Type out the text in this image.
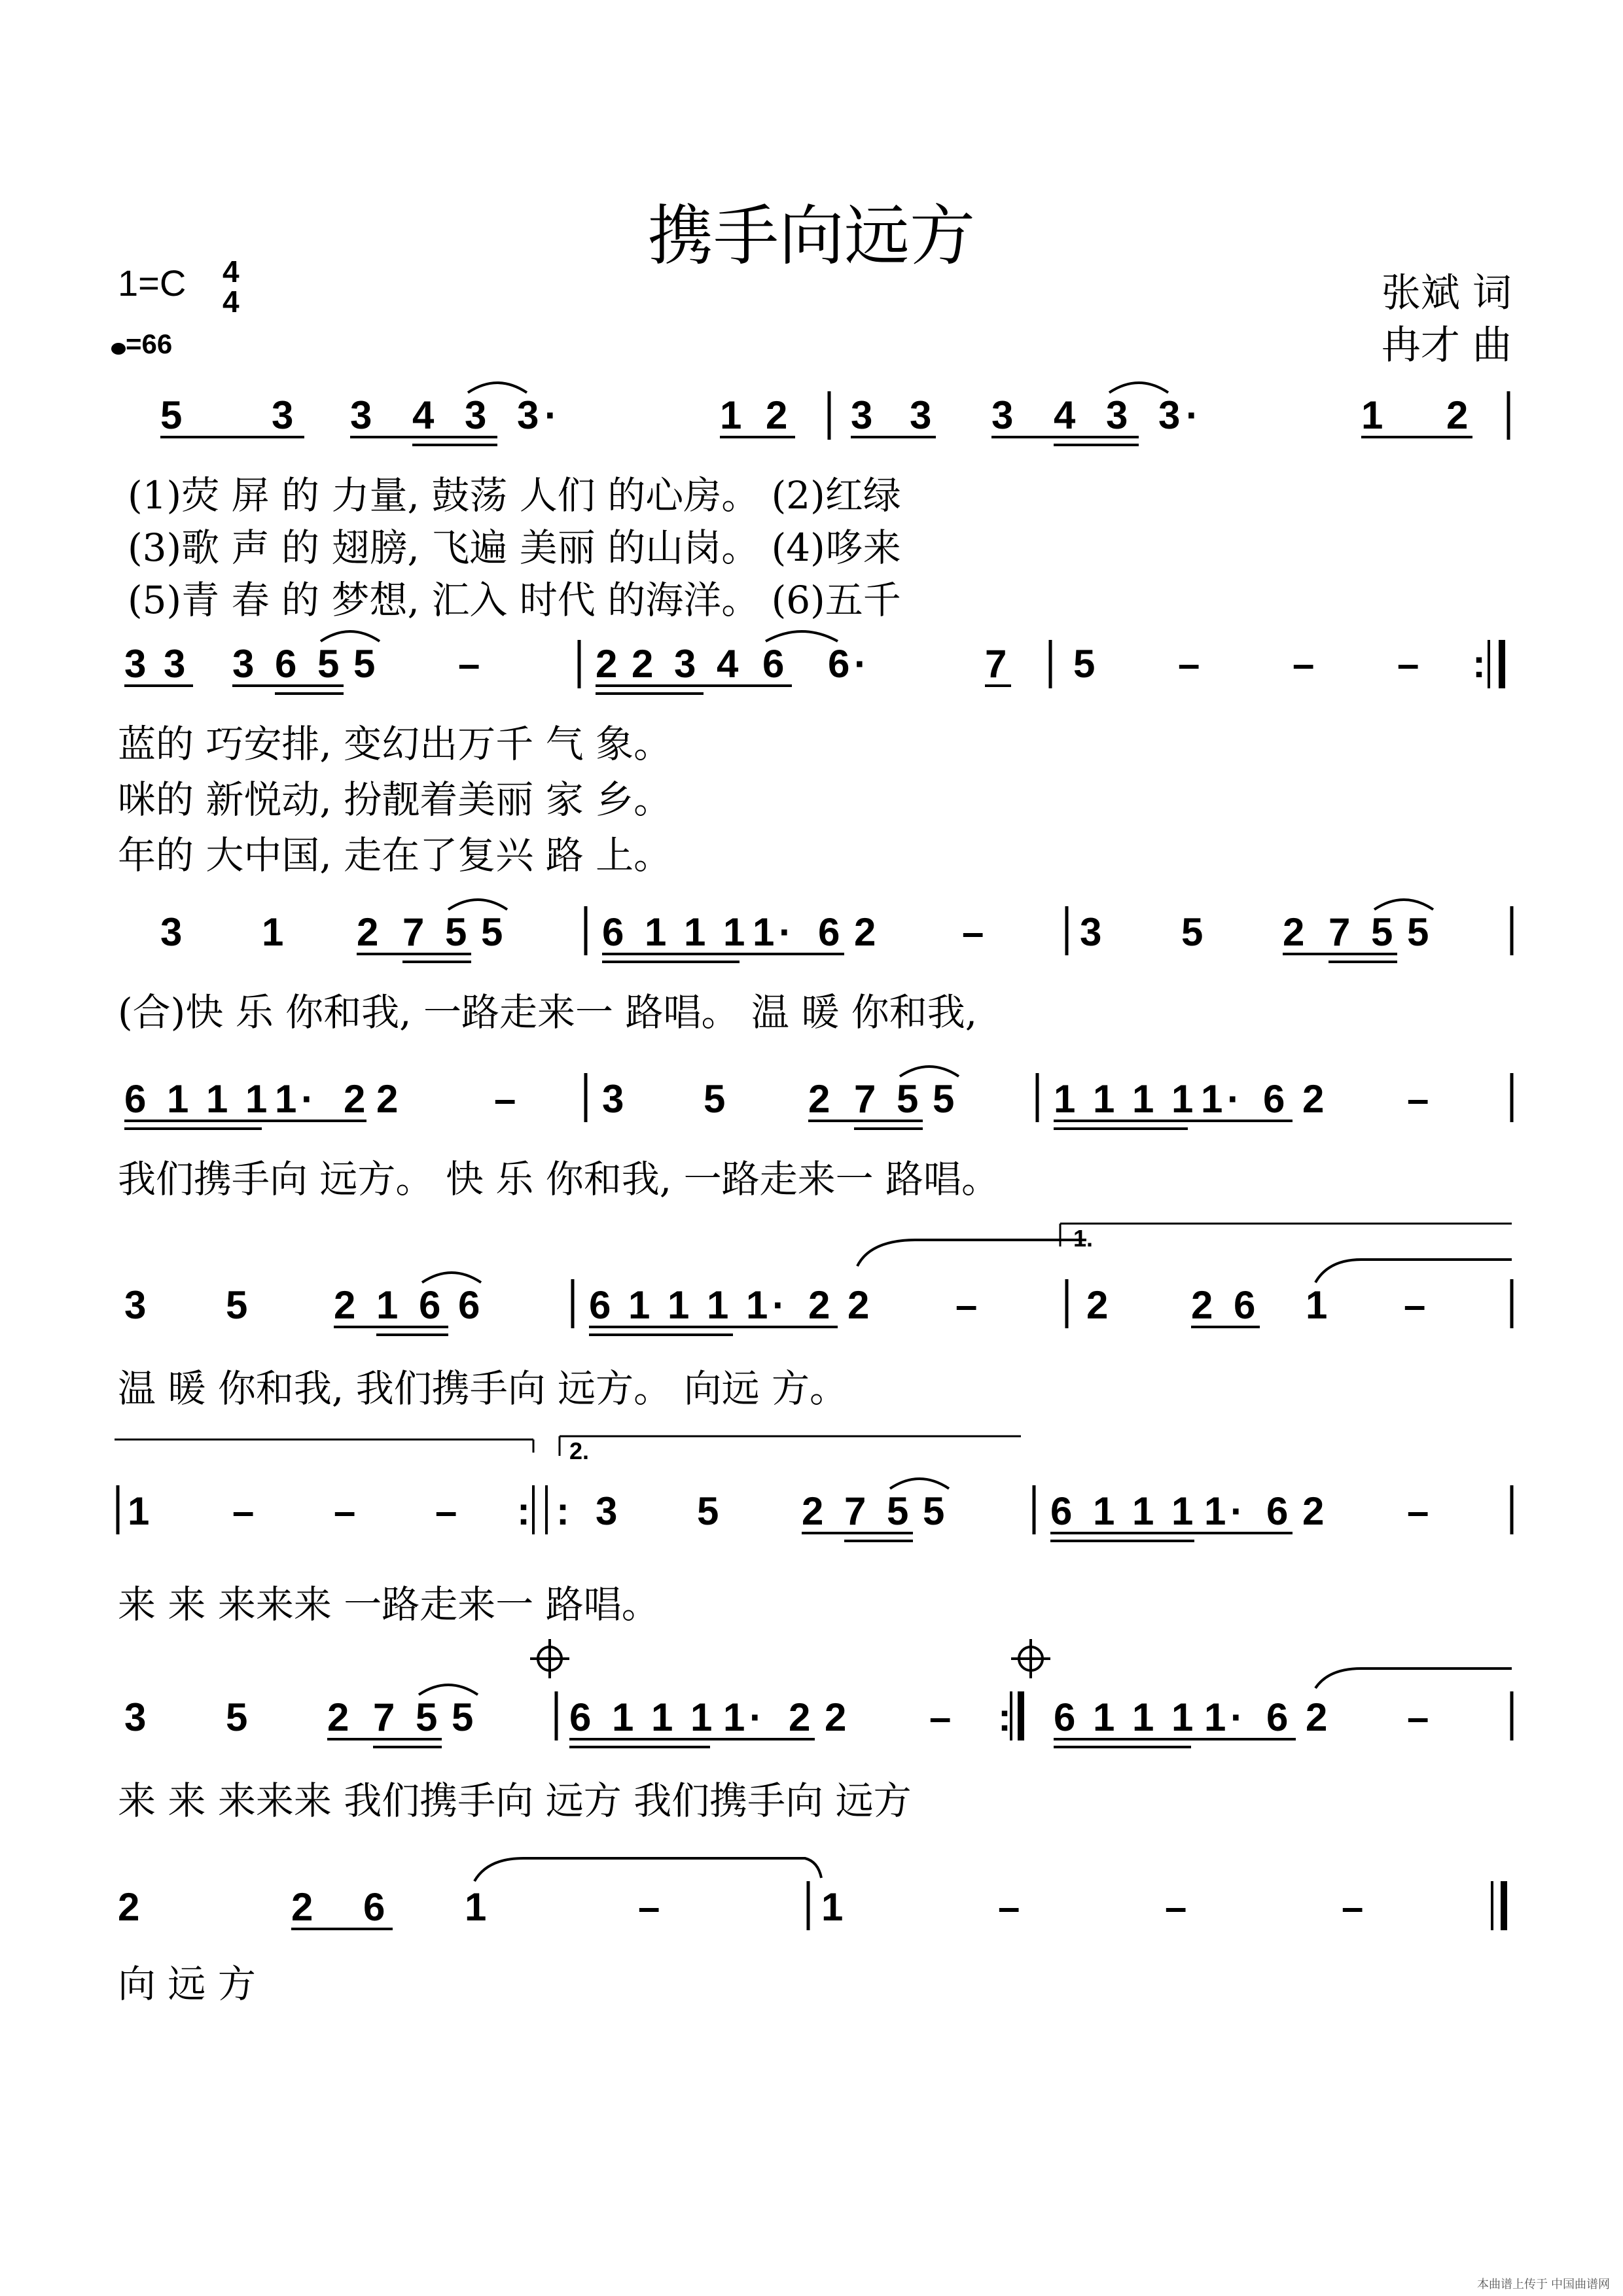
携手向远方
1=C 4
4
=66
张斌 词
冉才 曲
5 3 3 4 3 3 ·	1 2 3 3 3 4 3 3 ·	1 2
3 3 3 6 5 5 –	2 2 3 4 6 6 ·	7 5 – – – :
3 1 2 7 5 5	6 1 1 1 1 · 6 2 – 3 5 2 7 5 5
6 1 1 1 1 · 2 2 – 3 5 2 7 5 5	1 1 1 1 1 · 6 2 –
1.
3 5 2 1 6 6	6 1 1 1 1 · 2 2 –	2 2 6 1 –
2.
1 – – – : : 3 5 2 7 5 5	6 1 1 1 1 · 6 2 –
3 5 2 7 5 5 6 1 1 1 1 · 2 2 – : 6 1 1 1 1 · 6 2 –
2	2 6 1	–	1	–	–	–
(1)荧 屏 的 力量, 鼓荡 人们 的心房。 (2)红绿
(3)歌 声 的 翅膀, 飞遍 美丽 的山岗。 (4)哆来
(5)青 春 的 梦想, 汇入 时代 的海洋。 (6)五千
蓝的 巧安排, 变幻出万千 气 象。
咪的 新悦动, 扮靓着美丽 家 乡。
年的 大中国, 走在了复兴 路 上。
(合)快 乐 你和我, 一路走来一 路唱。 温 暖 你和我,
我们携手向 远方。 快 乐 你和我, 一路走来一 路唱。
温 暖 你和我, 我们携手向 远方。 向远 方。
来 来 来来来 一路走来一 路唱。
来 来 来来来 我们携手向 远方 我们携手向 远方
向 远 方
本曲谱上传于 中国曲谱网
